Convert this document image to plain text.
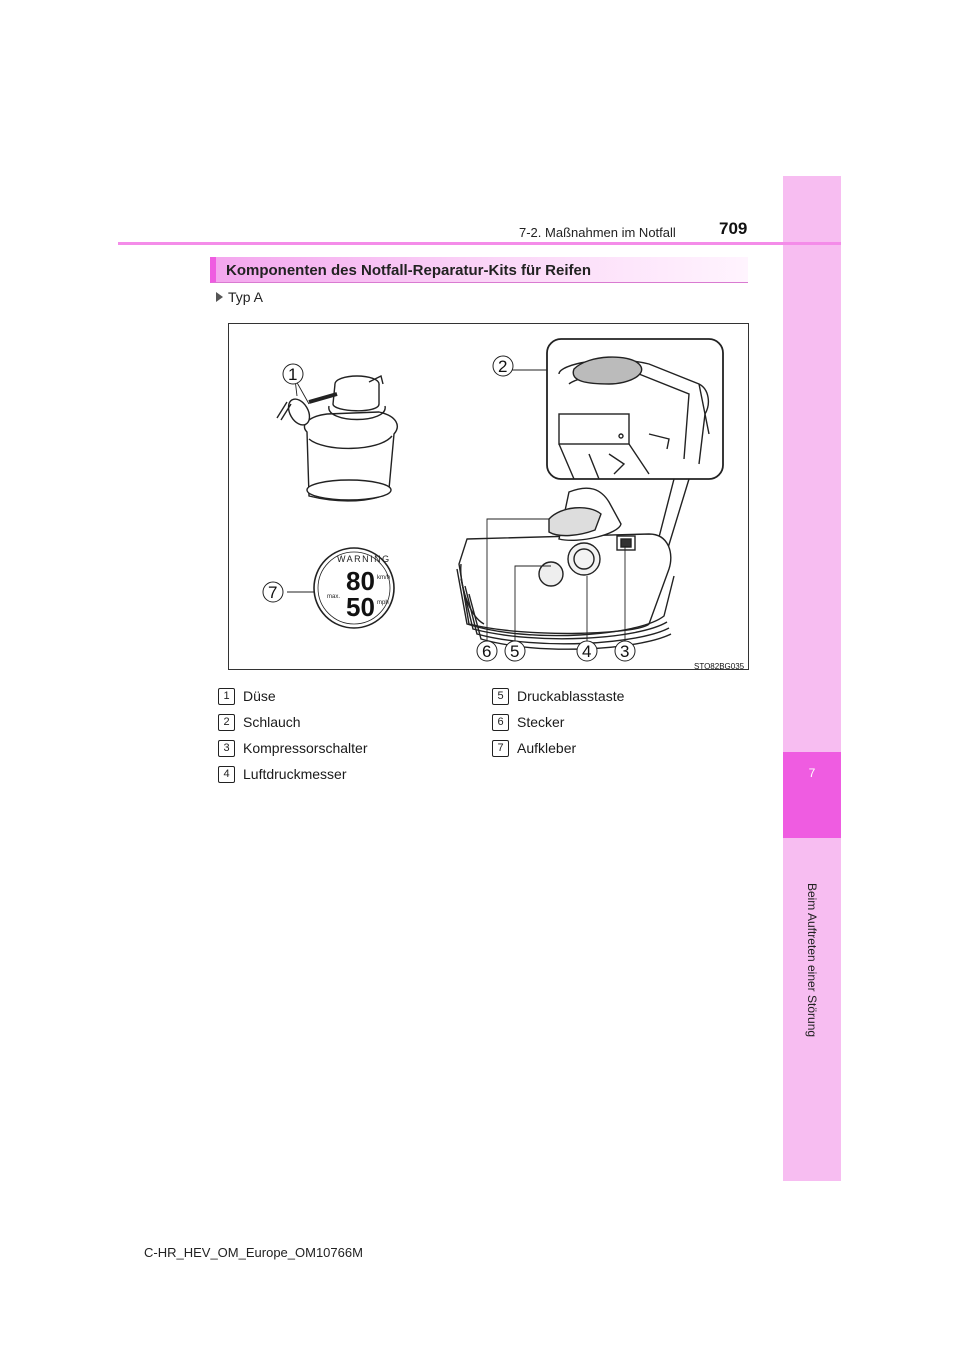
7
Beim Auftreten einer Störung
7-2. Maßnahmen im Notfall	709
Komponenten des Notfall-Reparatur-Kits für Reifen
Typ A
WARNING
80 km/h
50 mph
max.
1	2
3
4
5
6
7
STO82BG035
1 Düse
2 Schlauch
3 Kompressorschalter
4 Luftdruckmesser
5 Druckablasstaste
6 Stecker
7 Aufkleber
C-HR_HEV_OM_Europe_OM10766M
